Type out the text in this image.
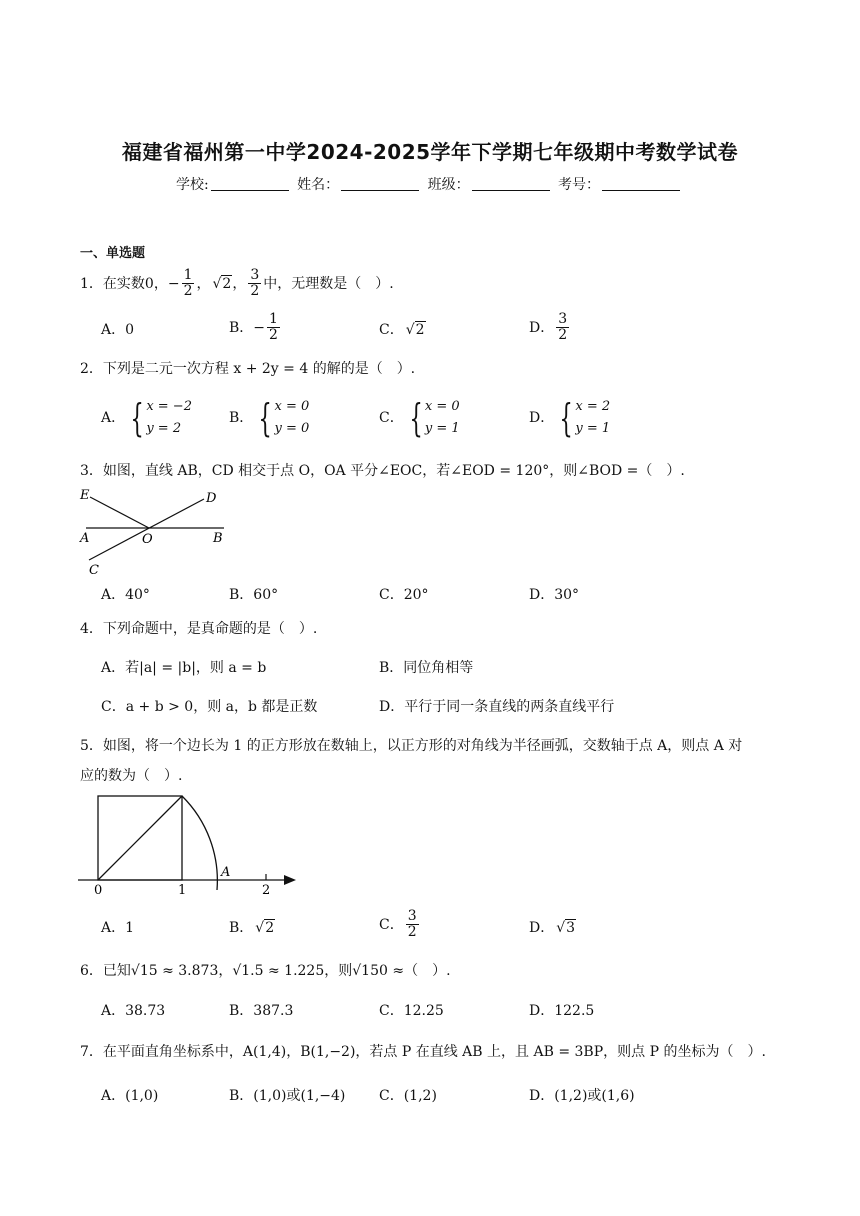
福建省福州第一中学2024-2025学年下学期七年级期中考数学试卷
学校:	姓名：	班级：	考号：
一、单选题
1．在实数0， − $\frac{1}{2}$ ， √2 ， $\frac{3}{2}$ 中，无理数是（　）.
A．0	B． − $\frac{1}{2}$	C． √2	D． $\frac{3}{2}$
2．下列是二元一次方程 x + 2y = 4 的解的是（　）.
A． { x = −2
y = 2
B． { x = 0
y = 0
C． { x = 0
y = 1
D． { x = 2
y = 1
3．如图，直线 AB，CD 相交于点 O，OA 平分∠EOC，若∠EOD = 120°，则∠BOD =（　）.
E	D
A	O	B
C
A．40°	B．60°	C．20°	D．30°
4．下列命题中，是真命题的是（　）.
A．若|a| = |b|，则 a = b	B．同位角相等
C．a + b > 0，则 a，b 都是正数	D．平行于同一条直线的两条直线平行
5．如图，将一个边长为 1 的正方形放在数轴上，以正方形的对角线为半径画弧，交数轴于点 A，则点 A 对
应的数为（　）.
0	1	2
A
A．1	B． √2	C． $\frac{3}{2}$	D． √3
6．已知√15 ≈ 3.873，√1.5 ≈ 1.225，则√150 ≈（　）.
A．38.73	B．387.3	C．12.25	D．122.5
7．在平面直角坐标系中，A(1,4)，B(1,−2)，若点 P 在直线 AB 上，且 AB = 3BP，则点 P 的坐标为（　）.
A．(1,0)	B．(1,0)或(1,−4) C．(1,2)	D．(1,2)或(1,6)
